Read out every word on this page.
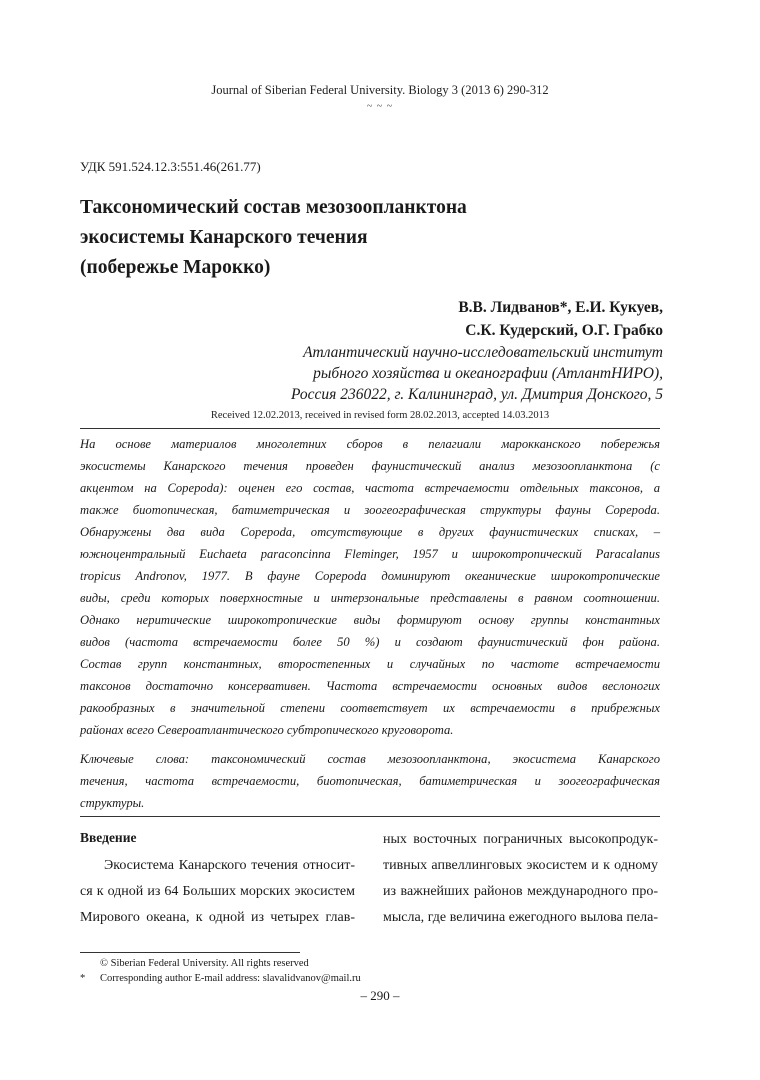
Journal of Siberian Federal University. Biology 3 (2013 6) 290-312
~ ~ ~
УДК 591.524.12.3:551.46(261.77)
Таксономический состав мезозоопланктона
экосистемы Канарского течения
(побережье Марокко)
В.В. Лидванов*, Е.И. Кукуев,
С.К. Кудерский, О.Г. Грабко
Атлантический научно-исследовательский институт
рыбного хозяйства и океанографии (АтлантНИРО),
Россия 236022, г. Калининград, ул. Дмитрия Донского, 5
Received 12.02.2013, received in revised form 28.02.2013, accepted 14.03.2013
На основе материалов многолетних сборов в пелагиали марокканского побережья
экосистемы Канарского течения проведен фаунистический анализ мезозоопланктона (с
акцентом на Copepoda): оценен его состав, частота встречаемости отдельных таксонов, а
также биотопическая, батиметрическая и зоогеографическая структуры фауны Copepoda.
Обнаружены два вида Copepoda, отсутствующие в других фаунистических списках, –
южноцентральный Euchaeta paraconcinna Fleminger, 1957 и широкотропический Paracalanus
tropicus Andronov, 1977. В фауне Copepoda доминируют океанические широкотропические
виды, среди которых поверхностные и интерзональные представлены в равном соотношении.
Однако неритические широкотропические виды формируют основу группы константных
видов (частота встречаемости более 50 %) и создают фаунистический фон района.
Состав групп константных, второстепенных и случайных по частоте встречаемости
таксонов достаточно консервативен. Частота встречаемости основных видов веслоногих
ракообразных в значительной степени соответствует их встречаемости в прибрежных
районах всего Североатлантического субтропического круговорота.
Ключевые слова: таксономический состав мезозоопланктона, экосистема Канарского
течения, частота встречаемости, биотопическая, батиметрическая и зоогеографическая
структуры.
Введение
Экосистема Канарского течения относит-
ся к одной из 64 Больших морских экосистем
Мирового океана, к одной из четырех глав-
ных восточных пограничных высокопродук-
тивных апвеллинговых экосистем и к одному
из важнейших районов международного про-
мысла, где величина ежегодного вылова пела-
© Siberian Federal University. All rights reserved
*	Corresponding author E-mail address: slavalidvanov@mail.ru
– 290 –
